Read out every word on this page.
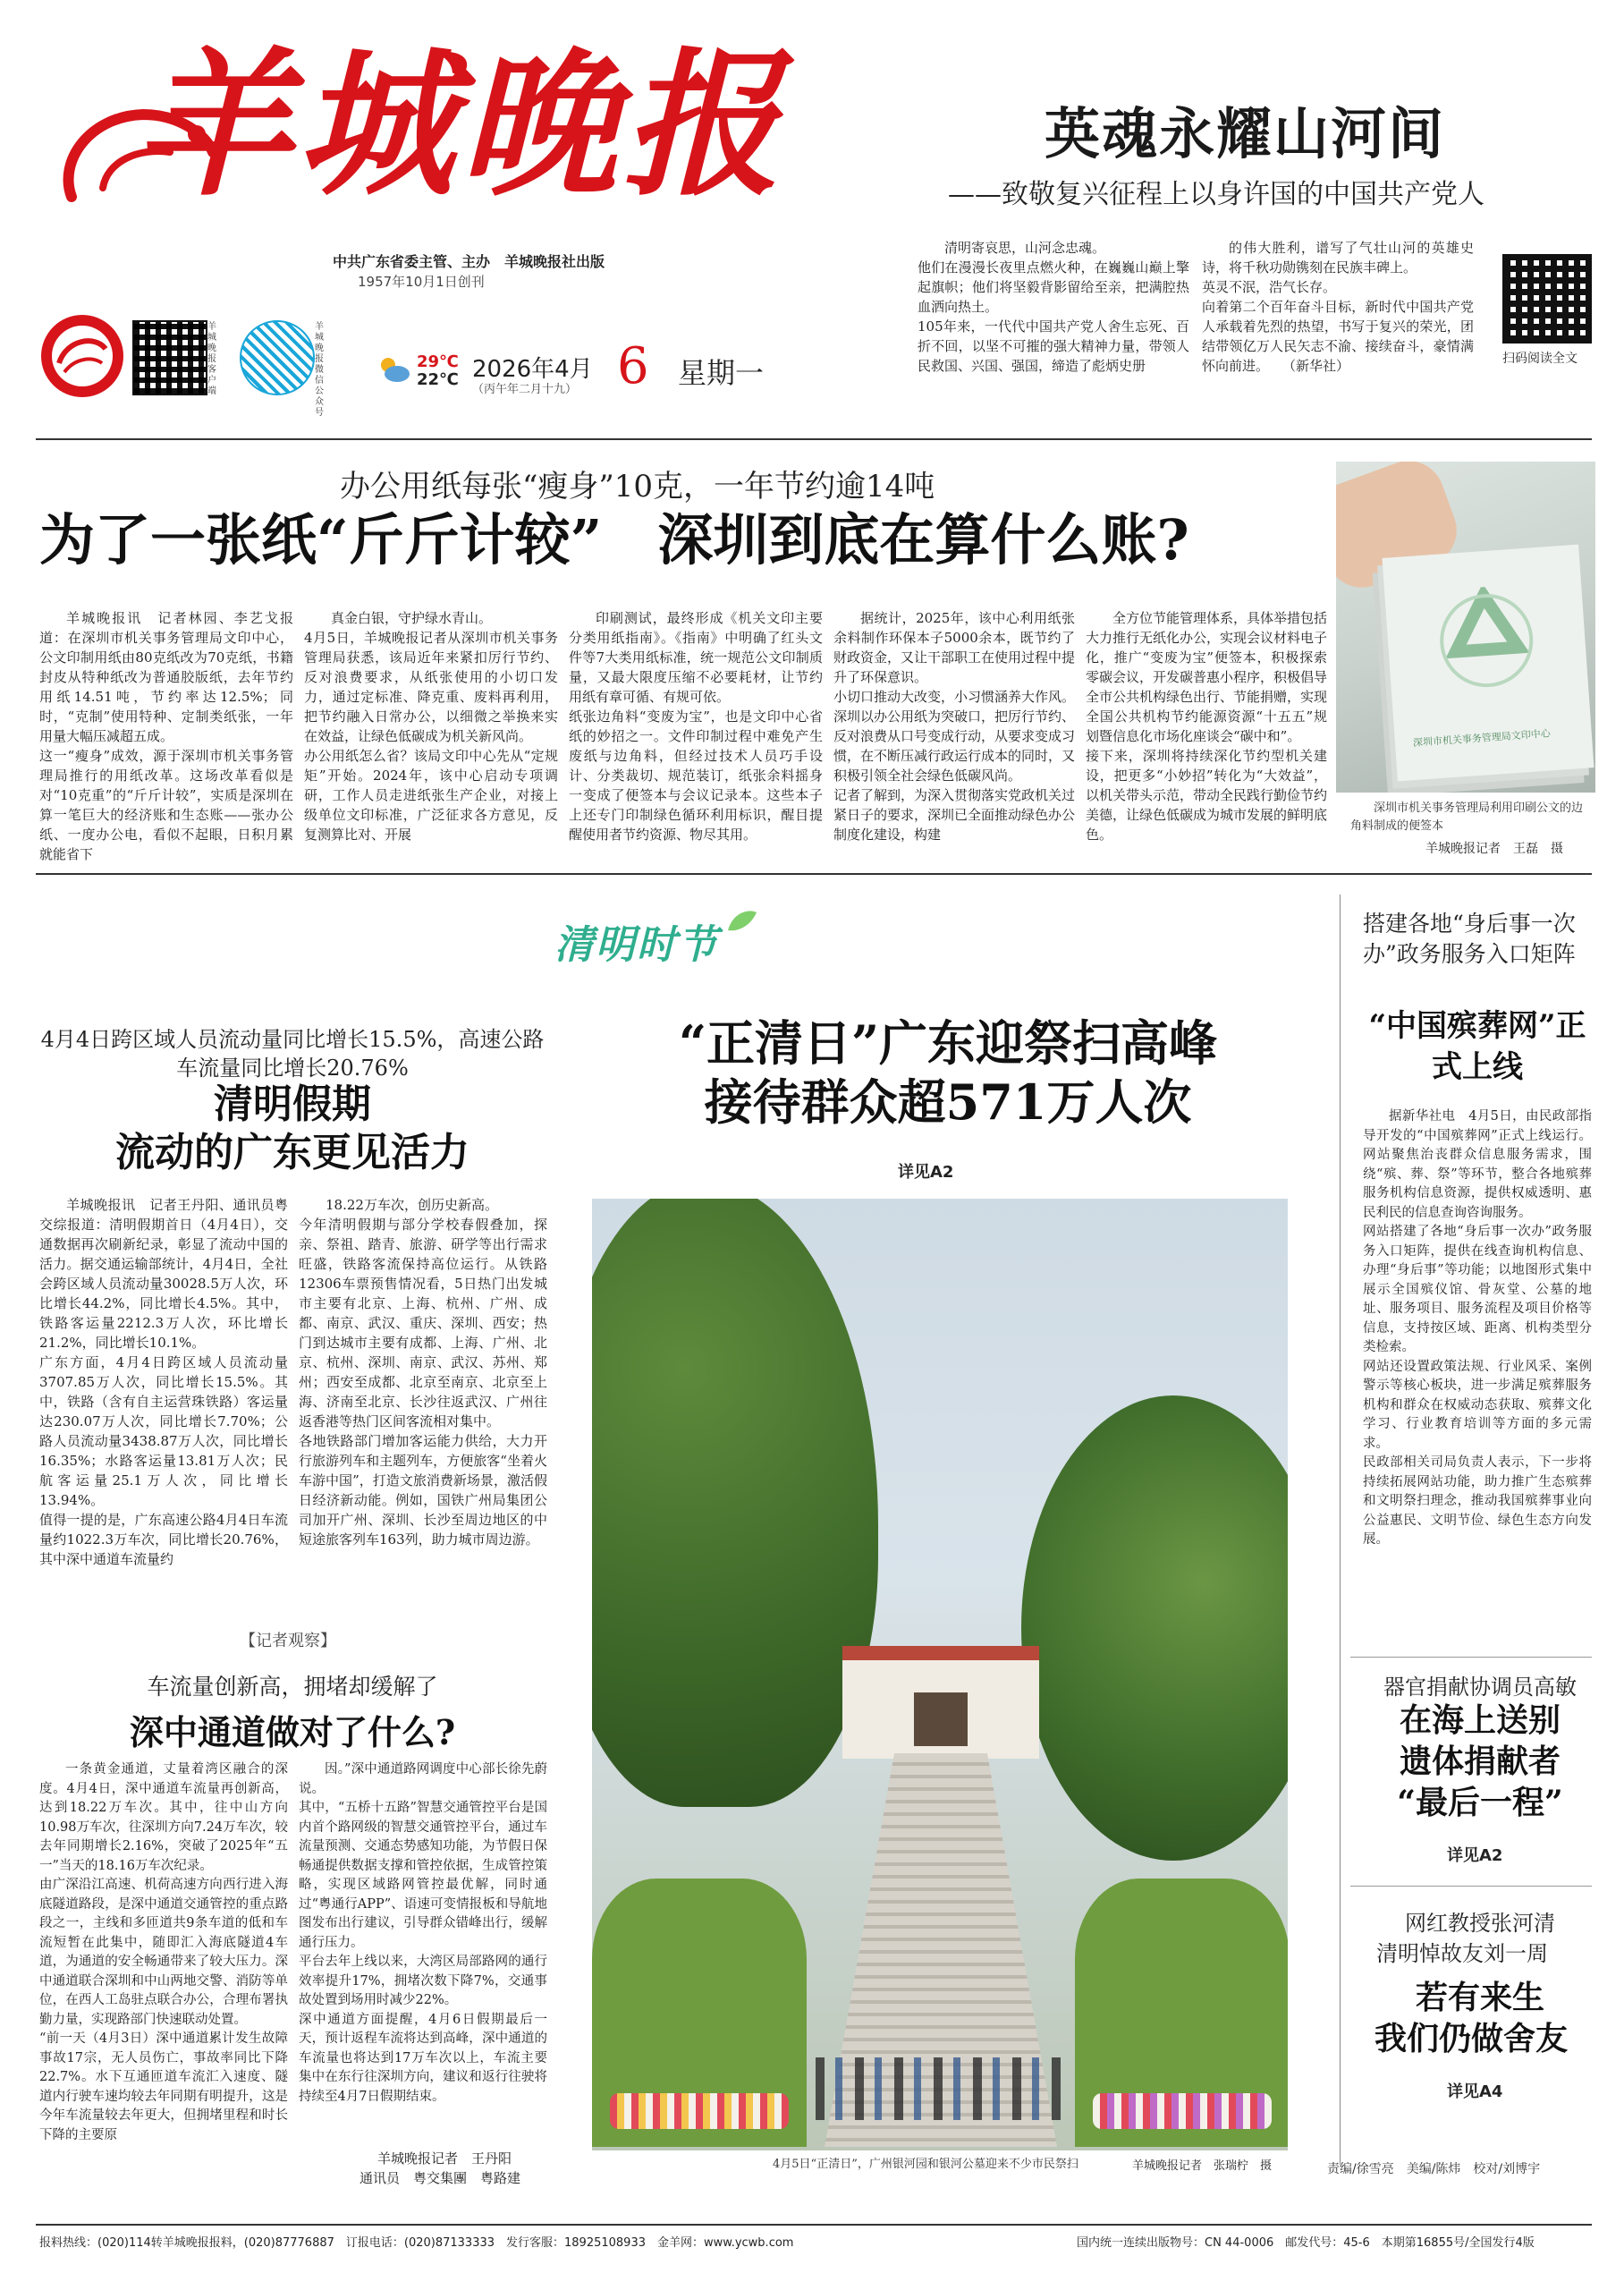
羊城晚报
中共广东省委主管、主办　羊城晚报社出版
1957年10月1日创刊
羊城晚报客户端
羊城晚报微信公众号
29℃
22℃ 2026年4月
（丙午年二月十九） 6 星期一
英魂永耀山河间
——致敬复兴征程上以身许国的中国共产党人
清明寄哀思，山河念忠魂。
他们在漫漫长夜里点燃火种，在巍巍山巅上擎起旗帜；他们将坚毅背影留给至亲，把满腔热血洒向热土。
105年来，一代代中国共产党人舍生忘死、百折不回，以坚不可摧的强大精神力量，带领人民救国、兴国、强国，缔造了彪炳史册
的伟大胜利，谱写了气壮山河的英雄史诗，将千秋功勋镌刻在民族丰碑上。
英灵不泯，浩气长存。
向着第二个百年奋斗目标，新时代中国共产党人承载着先烈的热望，书写于复兴的荣光，团结带领亿万人民矢志不渝、接续奋斗，豪情满怀向前进。　　（新华社）	扫码阅读全文
办公用纸每张“瘦身”10克，一年节约逾14吨
为了一张纸“斤斤计较”　深圳到底在算什么账?
羊城晚报讯　记者林园、李艺戈报道：在深圳市机关事务管理局文印中心，公文印制用纸由80克纸改为70克纸，书籍封皮从特种纸改为普通胶版纸，去年节约用纸14.51吨，节约率达12.5%；同时，“克制”使用特种、定制类纸张，一年用量大幅压减超五成。
这一“瘦身”成效，源于深圳市机关事务管理局推行的用纸改革。这场改革看似是对“10克重”的“斤斤计较”，实质是深圳在算一笔巨大的经济账和生态账——张办公纸、一度办公电，看似不起眼，日积月累就能省下
真金白银，守护绿水青山。
4月5日，羊城晚报记者从深圳市机关事务管理局获悉，该局近年来紧扣厉行节约、反对浪费要求，从纸张使用的小切口发力，通过定标准、降克重、废料再利用，把节约融入日常办公，以细微之举换来实在效益，让绿色低碳成为机关新风尚。
办公用纸怎么省？该局文印中心先从“定规矩”开始。2024年，该中心启动专项调研，工作人员走进纸张生产企业，对接上级单位文印标准，广泛征求各方意见，反复测算比对、开展
印刷测试，最终形成《机关文印主要分类用纸指南》。《指南》中明确了红头文件等7大类用纸标准，统一规范公文印制质量，又最大限度压缩不必要耗材，让节约用纸有章可循、有规可依。
纸张边角料“变废为宝”，也是文印中心省纸的妙招之一。文件印制过程中难免产生废纸与边角料，但经过技术人员巧手设计、分类裁切、规范装订，纸张余料摇身一变成了便签本与会议记录本。这些本子上还专门印制绿色循环利用标识，醒目提醒使用者节约资源、物尽其用。
据统计，2025年，该中心利用纸张余料制作环保本子5000余本，既节约了财政资金，又让干部职工在使用过程中提升了环保意识。
小切口推动大改变，小习惯涵养大作风。深圳以办公用纸为突破口，把厉行节约、反对浪费从口号变成行动，从要求变成习惯，在不断压减行政运行成本的同时，又积极引领全社会绿色低碳风尚。
记者了解到，为深入贯彻落实党政机关过紧日子的要求，深圳已全面推动绿色办公制度化建设，构建
全方位节能管理体系，具体举措包括大力推行无纸化办公，实现会议材料电子化，推广“变废为宝”便签本，积极探索零碳会议，开发碳普惠小程序，积极倡导全市公共机构绿色出行、节能捐赠，实现全国公共机构节约能源资源“十五五”规划暨信息化市场化座谈会“碳中和”。
接下来，深圳将持续深化节约型机关建设，把更多“小妙招”转化为“大效益”，以机关带头示范，带动全民践行勤俭节约美德，让绿色低碳成为城市发展的鲜明底色。
深圳市机关事务管理局文印中心
深圳市机关事务管理局利用印刷公文的边角料制成的便签本
羊城晚报记者　王磊　摄
清明时节
4月4日跨区域人员流动量同比增长15.5%，高速公路车流量同比增长20.76%
清明假期
流动的广东更见活力
羊城晚报讯　记者王丹阳、通讯员粤交综报道：清明假期首日（4月4日），交通数据再次刷新纪录，彰显了流动中国的活力。据交通运输部统计，4月4日，全社会跨区域人员流动量30028.5万人次，环比增长44.2%，同比增长4.5%。其中，铁路客运量2212.3万人次，环比增长21.2%，同比增长10.1%。
广东方面，4月4日跨区域人员流动量3707.85万人次，同比增长15.5%。其中，铁路（含有自主运营珠铁路）客运量达230.07万人次，同比增长7.70%；公路人员流动量3438.87万人次，同比增长16.35%；水路客运量13.81万人次；民航客运量25.1万人次，同比增长13.94%。
值得一提的是，广东高速公路4月4日车流量约1022.3万车次，同比增长20.76%，其中深中通道车流量约
18.22万车次，创历史新高。
今年清明假期与部分学校春假叠加，探亲、祭祖、踏青、旅游、研学等出行需求旺盛，铁路客流保持高位运行。从铁路12306车票预售情况看，5日热门出发城市主要有北京、上海、杭州、广州、成都、南京、武汉、重庆、深圳、西安；热门到达城市主要有成都、上海、广州、北京、杭州、深圳、南京、武汉、苏州、郑州；西安至成都、北京至南京、北京至上海、济南至北京、长沙往返武汉、广州往返香港等热门区间客流相对集中。
各地铁路部门增加客运能力供给，大力开行旅游列车和主题列车，方便旅客“坐着火车游中国”，打造文旅消费新场景，激活假日经济新动能。例如，国铁广州局集团公司加开广州、深圳、长沙至周边地区的中短途旅客列车163列，助力城市周边游。
【记者观察】
车流量创新高，拥堵却缓解了
深中通道做对了什么?
一条黄金通道，丈量着湾区融合的深度。4月4日，深中通道车流量再创新高，达到18.22万车次。其中，往中山方向10.98万车次，往深圳方向7.24万车次，较去年同期增长2.16%，突破了2025年“五一”当天的18.16万车次纪录。
由广深沿江高速、机荷高速方向西行进入海底隧道路段，是深中通道交通管控的重点路段之一，主线和多匝道共9条车道的低和车流短暂在此集中，随即汇入海底隧道4车道，为通道的安全畅通带来了较大压力。深中通道联合深圳和中山两地交警、消防等单位，在西人工岛驻点联合办公，合理布署执勤力量，实现路部门快速联动处置。
“前一天（4月3日）深中通道累计发生故障事故17宗，无人员伤亡，事故率同比下降22.7%。水下互通匝道车流汇入速度、隧道内行驶车速均较去年同期有明提升，这是今年车流量较去年更大，但拥堵里程和时长下降的主要原
因。”深中通道路网调度中心部长徐先蔚说。
其中，“五桥十五路”智慧交通管控平台是国内首个路网级的智慧交通管控平台，通过车流量预测、交通态势感知功能，为节假日保畅通提供数据支撑和管控依据，生成管控策略，实现区域路网管控最优解，同时通过“粤通行APP”、语速可变情报板和导航地图发布出行建议，引导群众错峰出行，缓解通行压力。
平台去年上线以来，大湾区局部路网的通行效率提升17%，拥堵次数下降7%，交通事故处置到场用时减少22%。
深中通道方面提醒，4月6日假期最后一天，预计返程车流将达到高峰，深中通道的车流量也将达到17万车次以上，车流主要集中在东行往深圳方向，建议和返行往驶将持续至4月7日假期结束。
羊城晚报记者　王丹阳
通讯员　粤交集團　粤路建
“正清日”广东迎祭扫高峰
接待群众超571万人次
详见A2
4月5日“正清日”，广州银河园和银河公墓迎来不少市民祭扫	羊城晚报记者　张瑞柠　摄
搭建各地“身后事一次办”政务服务入口矩阵
“中国殡葬网”正式上线
据新华社电　4月5日，由民政部指导开发的“中国殡葬网”正式上线运行。网站聚焦治丧群众信息服务需求，围绕“殡、葬、祭”等环节，整合各地殡葬服务机构信息资源，提供权威透明、惠民利民的信息查询咨询服务。
网站搭建了各地“身后事一次办”政务服务入口矩阵，提供在线查询机构信息、办理“身后事”等功能；以地图形式集中展示全国殡仪馆、骨灰堂、公墓的地址、服务项目、服务流程及项目价格等信息，支持按区域、距离、机构类型分类检索。
网站还设置政策法规、行业风采、案例警示等核心板块，进一步满足殡葬服务机构和群众在权威动态获取、殡葬文化学习、行业教育培训等方面的多元需求。
民政部相关司局负责人表示，下一步将持续拓展网站功能，助力推广生态殡葬和文明祭扫理念，推动我国殡葬事业向公益惠民、文明节俭、绿色生态方向发展。
器官捐献协调员高敏
在海上送别
遗体捐献者
“最后一程”
详见A2
网红教授张河清
清明悼故友刘一周
若有来生
我们仍做舍友
详见A4
责编/徐雪亮　美编/陈炜　校对/刘博宇
报料热线：(020)114转羊城晚报报料，(020)87776887　订报电话：(020)87133333　发行客服：18925108933　金羊网：www.ycwb.com	国内统一连续出版物号：CN 44-0006　邮发代号：45-6　本期第16855号/全国发行4版
